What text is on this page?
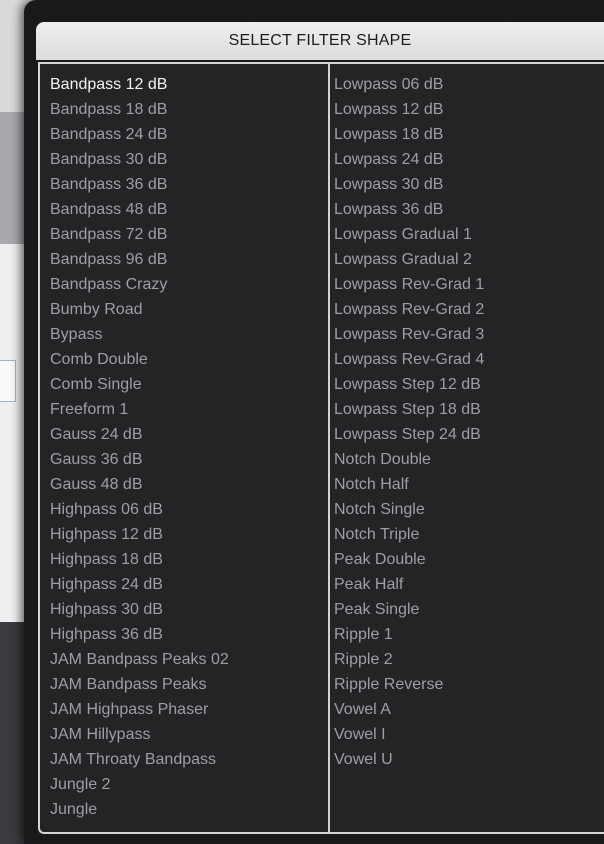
SELECT FILTER SHAPE
Bandpass 12 dB
Bandpass 18 dB
Bandpass 24 dB
Bandpass 30 dB
Bandpass 36 dB
Bandpass 48 dB
Bandpass 72 dB
Bandpass 96 dB
Bandpass Crazy
Bumby Road
Bypass
Comb Double
Comb Single
Freeform 1
Gauss 24 dB
Gauss 36 dB
Gauss 48 dB
Highpass 06 dB
Highpass 12 dB
Highpass 18 dB
Highpass 24 dB
Highpass 30 dB
Highpass 36 dB
JAM Bandpass Peaks 02
JAM Bandpass Peaks
JAM Highpass Phaser
JAM Hillypass
JAM Throaty Bandpass
Jungle 2
Jungle
Lowpass 06 dB
Lowpass 12 dB
Lowpass 18 dB
Lowpass 24 dB
Lowpass 30 dB
Lowpass 36 dB
Lowpass Gradual 1
Lowpass Gradual 2
Lowpass Rev-Grad 1
Lowpass Rev-Grad 2
Lowpass Rev-Grad 3
Lowpass Rev-Grad 4
Lowpass Step 12 dB
Lowpass Step 18 dB
Lowpass Step 24 dB
Notch Double
Notch Half
Notch Single
Notch Triple
Peak Double
Peak Half
Peak Single
Ripple 1
Ripple 2
Ripple Reverse
Vowel A
Vowel I
Vowel U
